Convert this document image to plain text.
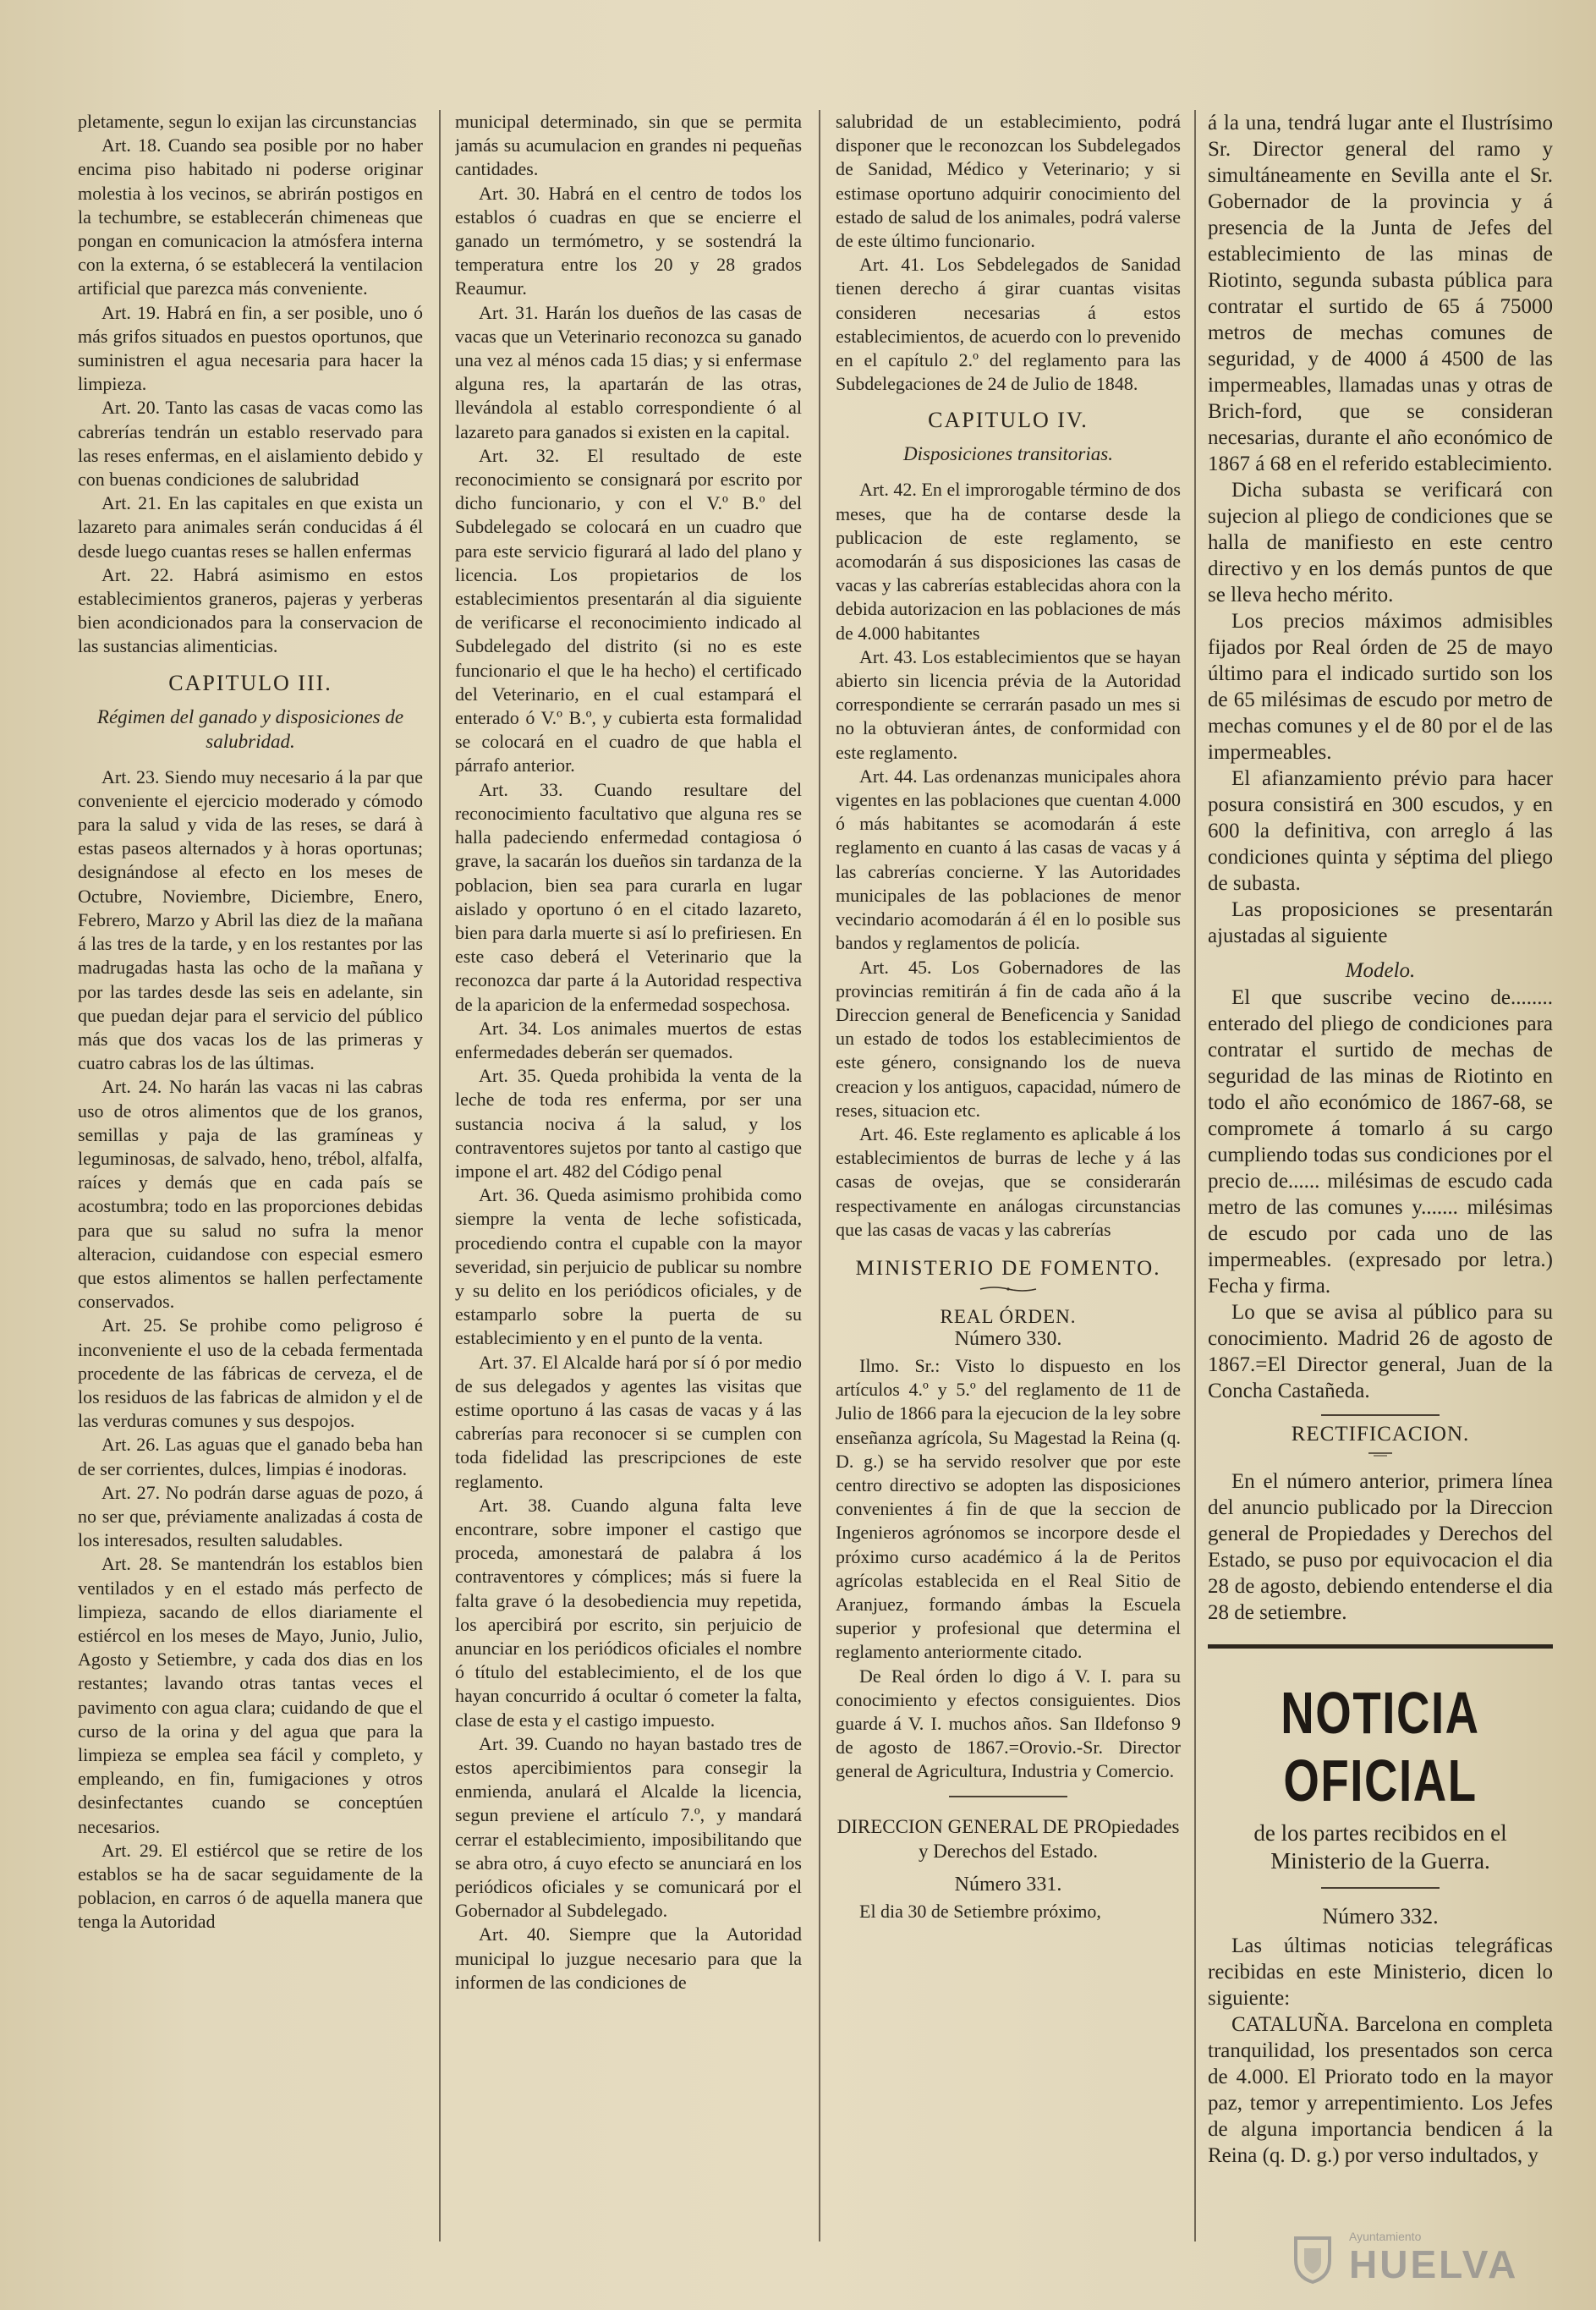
pletamente, segun lo exijan las circunstancias

Art. 18. Cuando sea posible por no haber encima piso habitado ni poderse originar molestia à los vecinos, se abrirán postigos en la techumbre, se establecerán chimeneas que pongan en comunicacion la atmósfera interna con la externa, ó se establecerá la ventilacion artificial que parezca más conveniente.

Art. 19. Habrá en fin, a ser posible, uno ó más grifos situados en puestos oportunos, que suministren el agua necesaria para hacer la limpieza.

Art. 20. Tanto las casas de vacas como las cabrerías tendrán un establo reservado para las reses enfermas, en el aislamiento debido y con buenas condiciones de salubridad

Art. 21. En las capitales en que exista un lazareto para animales serán conducidas á él desde luego cuantas reses se hallen enfermas

Art. 22. Habrá asimismo en estos establecimientos graneros, pajeras y yerberas bien acondicionados para la conservacion de las sustancias alimenticias.

CAPITULO III.
Régimen del ganado y disposiciones de salubridad.

Art. 23. Siendo muy necesario á la par que conveniente el ejercicio moderado y cómodo para la salud y vida de las reses, se dará à estas paseos alternados y à horas oportunas; designándose al efecto en los meses de Octubre, Noviembre, Diciembre, Enero, Febrero, Marzo y Abril las diez de la mañana á las tres de la tarde, y en los restantes por las madrugadas hasta las ocho de la mañana y por las tardes desde las seis en adelante, sin que puedan dejar para el servicio del público más que dos vacas los de las primeras y cuatro cabras los de las últimas.

Art. 24. No harán las vacas ni las cabras uso de otros alimentos que de los granos, semillas y paja de las gramíneas y leguminosas, de salvado, heno, trébol, alfalfa, raíces y demás que en cada país se acostumbra; todo en las proporciones debidas para que su salud no sufra la menor alteracion, cuidandose con especial esmero que estos alimentos se hallen perfectamente conservados.

Art. 25. Se prohibe como peligroso é inconveniente el uso de la cebada fermentada procedente de las fábricas de cerveza, el de los residuos de las fabricas de almidon y el de las verduras comunes y sus despojos.

Art. 26. Las aguas que el ganado beba han de ser corrientes, dulces, limpias é inodoras.

Art. 27. No podrán darse aguas de pozo, á no ser que, préviamente analizadas á costa de los interesados, resulten saludables.

Art. 28. Se mantendrán los establos bien ventilados y en el estado más perfecto de limpieza, sacando de ellos diariamente el estiércol en los meses de Mayo, Junio, Julio, Agosto y Setiembre, y cada dos dias en los restantes; lavando otras tantas veces el pavimento con agua clara; cuidando de que el curso de la orina y del agua que para la limpieza se emplea sea fácil y completo, y empleando, en fin, fumigaciones y otros desinfectantes cuando se conceptúen necesarios.

Art. 29. El estiércol que se retire de los establos se ha de sacar seguidamente de la poblacion, en carros ó de aquella manera que tenga la Autoridad

municipal determinado, sin que se permita jamás su acumulacion en grandes ni pequeñas cantidades.

Art. 30. Habrá en el centro de todos los establos ó cuadras en que se encierre el ganado un termómetro, y se sostendrá la temperatura entre los 20 y 28 grados Reaumur.

Art. 31. Harán los dueños de las casas de vacas que un Veterinario reconozca su ganado una vez al ménos cada 15 dias; y si enfermase alguna res, la apartarán de las otras, llevándola al establo correspondiente ó al lazareto para ganados si existen en la capital.

Art. 32. El resultado de este reconocimiento se consignará por escrito por dicho funcionario, y con el V.º B.º del Subdelegado se colocará en un cuadro que para este servicio figurará al lado del plano y licencia. Los propietarios de los establecimientos presentarán al dia siguiente de verificarse el reconocimiento indicado al Subdelegado del distrito (si no es este funcionario el que le ha hecho) el certificado del Veterinario, en el cual estampará el enterado ó V.º B.º, y cubierta esta formalidad se colocará en el cuadro de que habla el párrafo anterior.

Art. 33. Cuando resultare del reconocimiento facultativo que alguna res se halla padeciendo enfermedad contagiosa ó grave, la sacarán los dueños sin tardanza de la poblacion, bien sea para curarla en lugar aislado y oportuno ó en el citado lazareto, bien para darla muerte si así lo prefiriesen. En este caso deberá el Veterinario que la reconozca dar parte á la Autoridad respectiva de la aparicion de la enfermedad sospechosa.

Art. 34. Los animales muertos de estas enfermedades deberán ser quemados.

Art. 35. Queda prohibida la venta de la leche de toda res enferma, por ser una sustancia nociva á la salud, y los contraventores sujetos por tanto al castigo que impone el art. 482 del Código penal

Art. 36. Queda asimismo prohibida como siempre la venta de leche sofisticada, procediendo contra el cupable con la mayor severidad, sin perjuicio de publicar su nombre y su delito en los periódicos oficiales, y de estamparlo sobre la puerta de su establecimiento y en el punto de la venta.

Art. 37. El Alcalde hará por sí ó por medio de sus delegados y agentes las visitas que estime oportuno á las casas de vacas y á las cabrerías para reconocer si se cumplen con toda fidelidad las prescripciones de este reglamento.

Art. 38. Cuando alguna falta leve encontrare, sobre imponer el castigo que proceda, amonestará de palabra á los contraventores y cómplices; más si fuere la falta grave ó la desobediencia muy repetida, los apercibirá por escrito, sin perjuicio de anunciar en los periódicos oficiales el nombre ó título del establecimiento, el de los que hayan concurrido á ocultar ó cometer la falta, clase de esta y el castigo impuesto.

Art. 39. Cuando no hayan bastado tres de estos apercibimientos para consegir la enmienda, anulará el Alcalde la licencia, segun previene el artículo 7.º, y mandará cerrar el establecimiento, imposibilitando que se abra otro, á cuyo efecto se anunciará en los periódicos oficiales y se comunicará por el Gobernador al Subdelegado.

Art. 40. Siempre que la Autoridad municipal lo juzgue necesario para que la informen de las condiciones de

salubridad de un establecimiento, podrá disponer que le reconozcan los Subdelegados de Sanidad, Médico y Veterinario; y si estimase oportuno adquirir conocimiento del estado de salud de los animales, podrá valerse de este último funcionario.

Art. 41. Los Sebdelegados de Sanidad tienen derecho á girar cuantas visitas consideren necesarias á estos establecimientos, de acuerdo con lo prevenido en el capítulo 2.º del reglamento para las Subdelegaciones de 24 de Julio de 1848.

CAPITULO IV.
Disposiciones transitorias.

Art. 42. En el improrogable término de dos meses, que ha de contarse desde la publicacion de este reglamento, se acomodarán á sus disposiciones las casas de vacas y las cabrerías establecidas ahora con la debida autorizacion en las poblaciones de más de 4.000 habitantes

Art. 43. Los establecimientos que se hayan abierto sin licencia prévia de la Autoridad correspondiente se cerrarán pasado un mes si no la obtuvieran ántes, de conformidad con este reglamento.

Art. 44. Las ordenanzas municipales ahora vigentes en las poblaciones que cuentan 4.000 ó más habitantes se acomodarán á este reglamento en cuanto á las casas de vacas y á las cabrerías concierne. Y las Autoridades municipales de las poblaciones de menor vecindario acomodarán á él en lo posible sus bandos y reglamentos de policía.

Art. 45. Los Gobernadores de las provincias remitirán á fin de cada año á la Direccion general de Beneficencia y Sanidad un estado de todos los establecimientos de este género, consignando los de nueva creacion y los antiguos, capacidad, número de reses, situacion etc.

Art. 46. Este reglamento es aplicable á los establecimientos de burras de leche y á las casas de ovejas, que se considerarán respectivamente en análogas circunstancias que las casas de vacas y las cabrerías

MINISTERIO DE FOMENTO.
REAL ÓRDEN.
Número 330.

Ilmo. Sr.: Visto lo dispuesto en los artículos 4.º y 5.º del reglamento de 11 de Julio de 1866 para la ejecucion de la ley sobre enseñanza agrícola, Su Magestad la Reina (q. D. g.) se ha servido resolver que por este centro directivo se adopten las disposiciones convenientes á fin de que la seccion de Ingenieros agrónomos se incorpore desde el próximo curso académico á la de Peritos agrícolas establecida en el Real Sitio de Aranjuez, formando ámbas la Escuela superior y profesional que determina el reglamento anteriormente citado.

De Real órden lo digo á V. I. para su conocimiento y efectos consiguientes. Dios guarde á V. I. muchos años. San Ildefonso 9 de agosto de 1867.=Orovio.-Sr. Director general de Agricultura, Industria y Comercio.

DIRECCION GENERAL DE PROpiedades y Derechos del Estado.
Número 331.

El dia 30 de Setiembre próximo,

á la una, tendrá lugar ante el Ilustrísimo Sr. Director general del ramo y simultáneamente en Sevilla ante el Sr. Gobernador de la provincia y á presencia de la Junta de Jefes del establecimiento de las minas de Riotinto, segunda subasta pública para contratar el surtido de 65 á 75000 metros de mechas comunes de seguridad, y de 4000 á 4500 de las impermeables, llamadas unas y otras de Brich-ford, que se consideran necesarias, durante el año económico de 1867 á 68 en el referido establecimiento.

Dicha subasta se verificará con sujecion al pliego de condiciones que se halla de manifiesto en este centro directivo y en los demás puntos de que se lleva hecho mérito.

Los precios máximos admisibles fijados por Real órden de 25 de mayo último para el indicado surtido son los de 65 milésimas de escudo por metro de mechas comunes y el de 80 por el de las impermeables.

El afianzamiento prévio para hacer posura consistirá en 300 escudos, y en 600 la definitiva, con arreglo á las condiciones quinta y séptima del pliego de subasta.

Las proposiciones se presentarán ajustadas al siguiente

Modelo.

El que suscribe vecino de........ enterado del pliego de condiciones para contratar el surtido de mechas de seguridad de las minas de Riotinto en todo el año económico de 1867-68, se compromete á tomarlo á su cargo cumpliendo todas sus condiciones por el precio de...... milésimas de escudo cada metro de las comunes y....... milésimas de escudo por cada uno de las impermeables. (expresado por letra.) Fecha y firma.

Lo que se avisa al público para su conocimiento. Madrid 26 de agosto de 1867.=El Director general, Juan de la Concha Castañeda.

RECTIFICACION.

En el número anterior, primera línea del anuncio publicado por la Direccion general de Propiedades y Derechos del Estado, se puso por equivocacion el dia 28 de agosto, debiendo entenderse el dia 28 de setiembre.

NOTICIA OFICIAL
de los partes recibidos en el Ministerio de la Guerra.
Número 332.

Las últimas noticias telegráficas recibidas en este Ministerio, dicen lo siguiente:

CATALUÑA. Barcelona en completa tranquilidad, los presentados son cerca de 4.000. El Priorato todo en la mayor paz, temor y arrepentimiento. Los Jefes de alguna importancia bendicen á la Reina (q. D. g.) por verso indultados, y

Ayuntamiento
HUELVA
